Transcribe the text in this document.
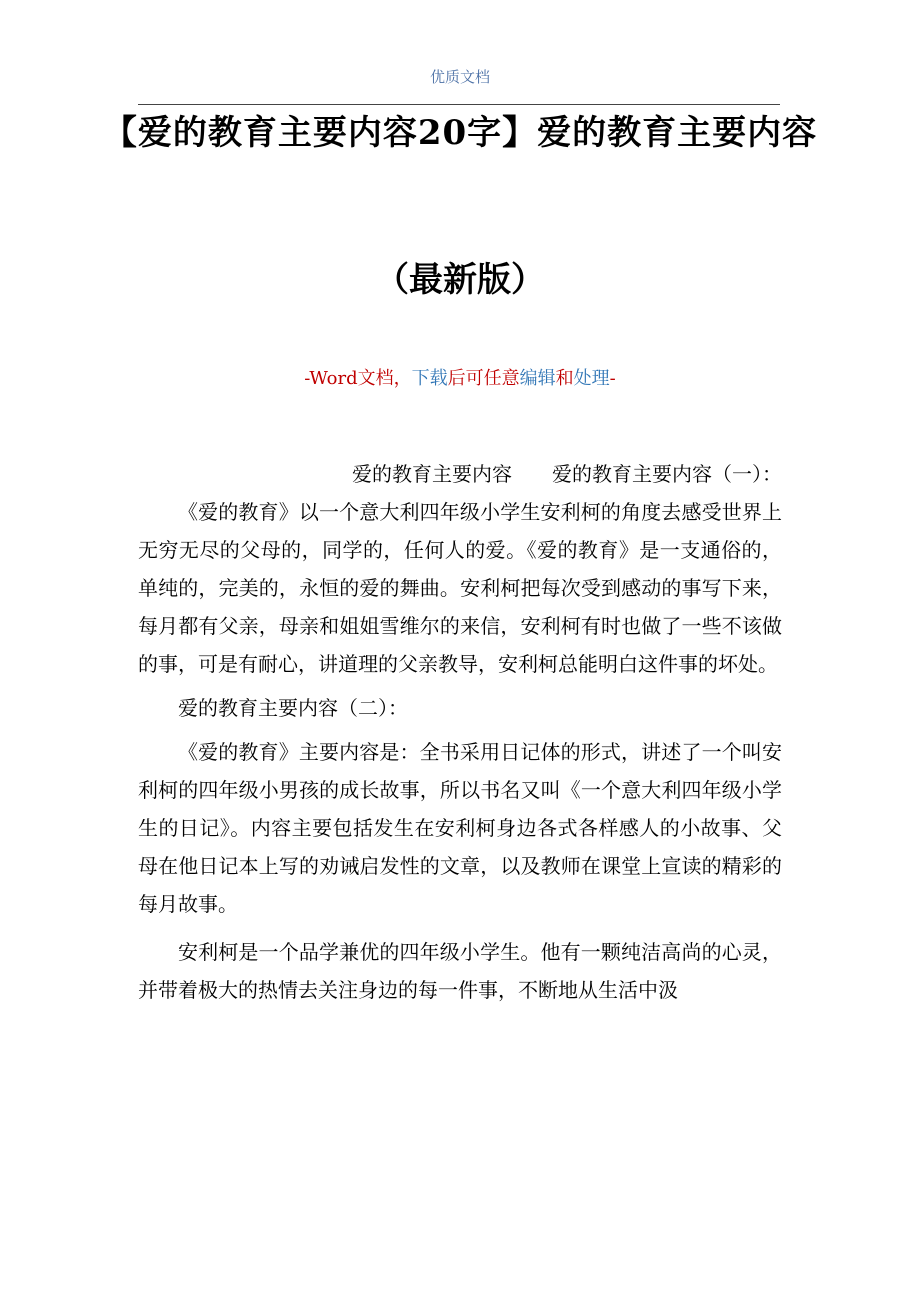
优质文档
【爱的教育主要内容20字】爱的教育主要内容
（最新版）
-Word文档，下载后可任意编辑和处理-

爱的教育主要内容　　爱的教育主要内容（一）：

《爱的教育》以一个意大利四年级小学生安利柯的角度去感受世界上无穷无尽的父母的，同学的，任何人的爱。《爱的教育》是一支通俗的，单纯的，完美的，永恒的爱的舞曲。安利柯把每次受到感动的事写下来，每月都有父亲，母亲和姐姐雪维尔的来信，安利柯有时也做了一些不该做的事，可是有耐心，讲道理的父亲教导，安利柯总能明白这件事的坏处。

爱的教育主要内容（二）：

《爱的教育》主要内容是：全书采用日记体的形式，讲述了一个叫安利柯的四年级小男孩的成长故事，所以书名又叫《一个意大利四年级小学生的日记》。内容主要包括发生在安利柯身边各式各样感人的小故事、父母在他日记本上写的劝诫启发性的文章，以及教师在课堂上宣读的精彩的每月故事。

安利柯是一个品学兼优的四年级小学生。他有一颗纯洁高尚的心灵，并带着极大的热情去关注身边的每一件事，不断地从生活中汲
